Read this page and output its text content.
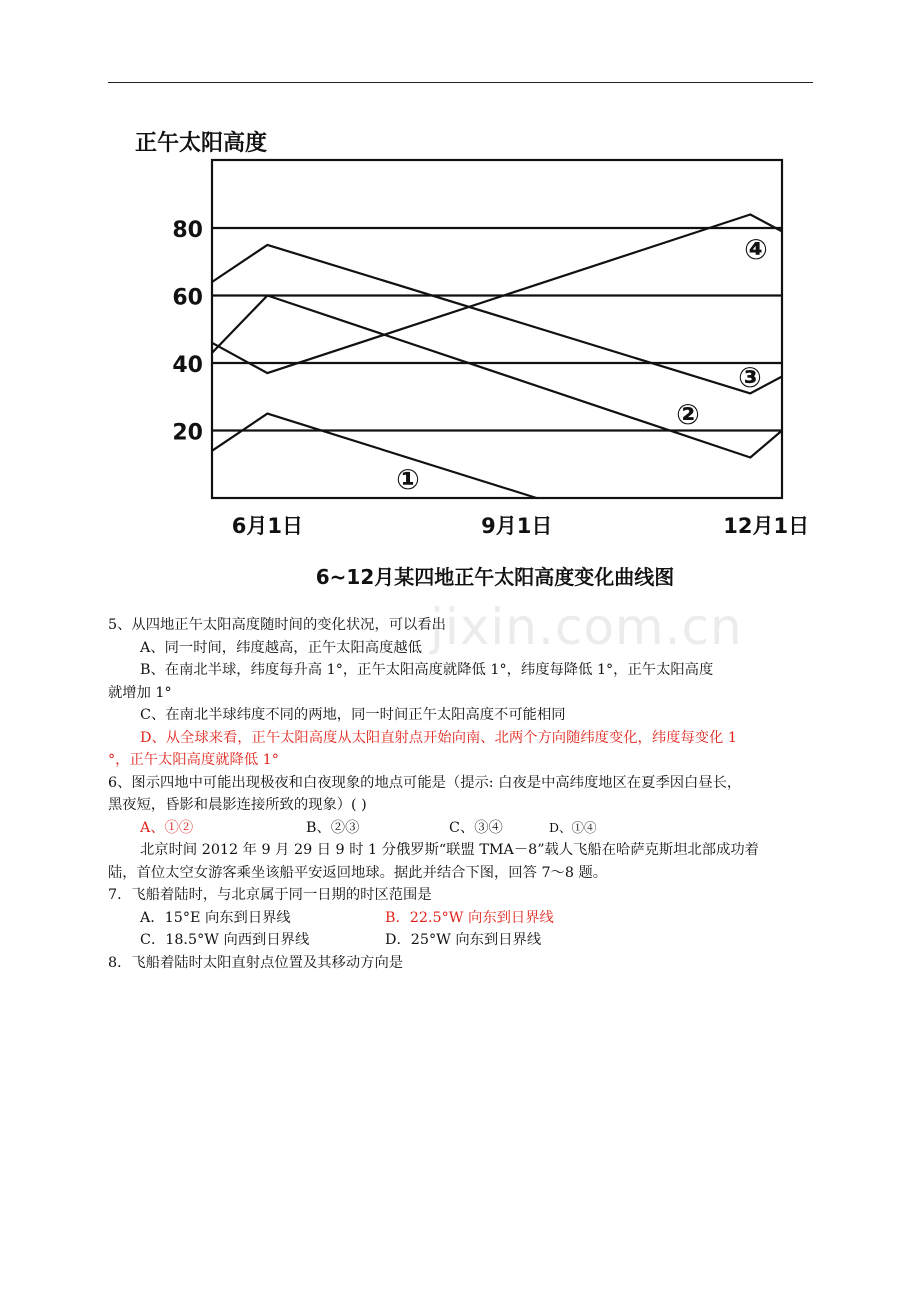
正午太阳高度
20
40
60
80
6月1日	9月1日	12月1日
①
②
③
④
6~12月某四地正午太阳高度变化曲线图
jixin.com.cn

5、从四地正午太阳高度随时间的变化状况，可以看出

A、同一时间，纬度越高，正午太阳高度越低

B、在南北半球，纬度每升高 1°，正午太阳高度就降低 1°，纬度每降低 1°，正午太阳高度

就增加 1°

C、在南北半球纬度不同的两地，同一时间正午太阳高度不可能相同

D、从全球来看，正午太阳高度从太阳直射点开始向南、北两个方向随纬度变化，纬度每变化 1

°，正午太阳高度就降低 1°

6、图示四地中可能出现极夜和白夜现象的地点可能是（提示: 白夜是中高纬度地区在夏季因白昼长，

黑夜短，昏影和晨影连接所致的现象）( )

A、①②	B、②③	C、③④	D、①④

北京时间 2012 年 9 月 29 日 9 时 1 分俄罗斯“联盟 TMA－8”载人飞船在哈萨克斯坦北部成功着

陆，首位太空女游客乘坐该船平安返回地球。据此并结合下图，回答 7～8 题。

7．飞船着陆时，与北京属于同一日期的时区范围是

A．15°E 向东到日界线	B．22.5°W 向东到日界线
C．18.5°W 向西到日界线	D．25°W 向东到日界线

8．飞船着陆时太阳直射点位置及其移动方向是
